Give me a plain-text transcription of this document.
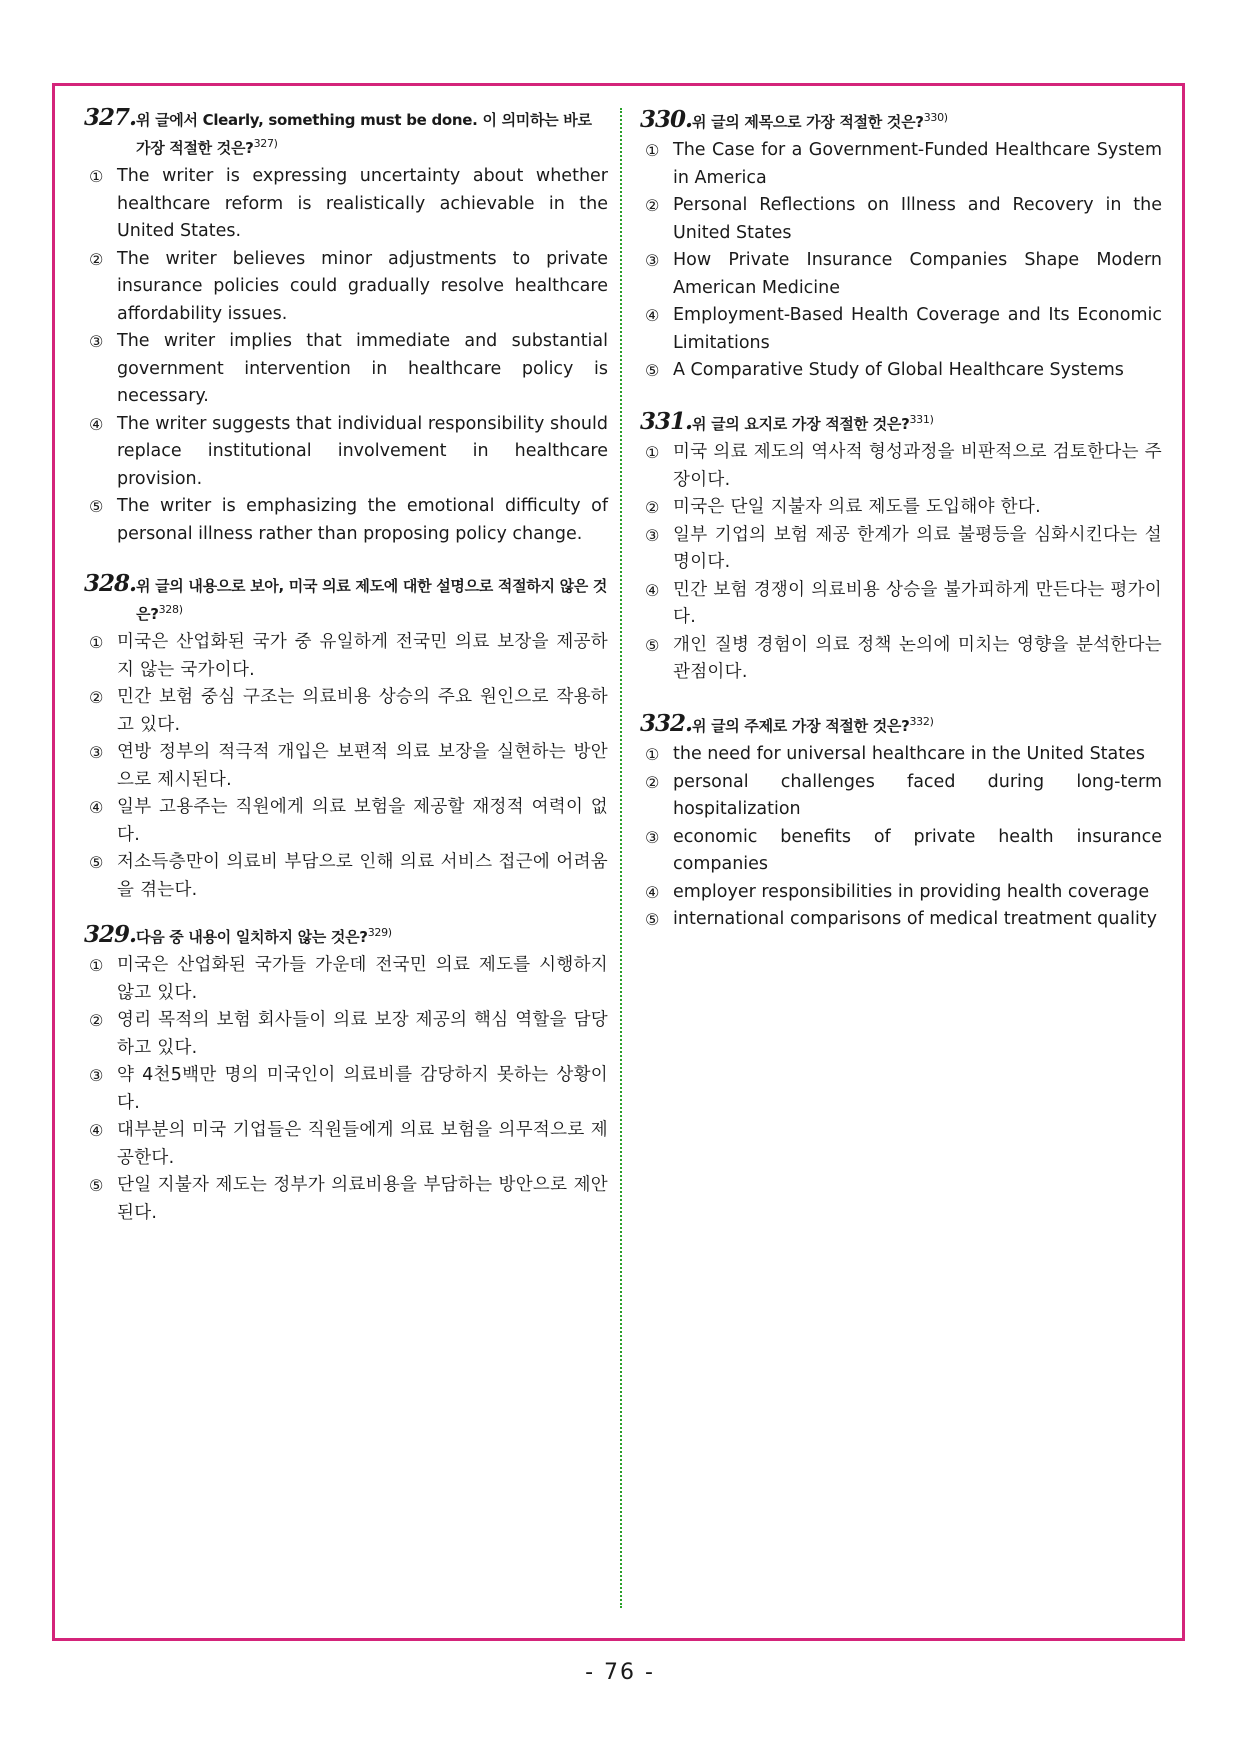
327.위 글에서 Clearly, something must be done. 이 의미하는 바로 가장 적절한 것은?$^{327)}$
① The writer is expressing uncertainty about whether healthcare reform is realistically achievable in the United States.
② The writer believes minor adjustments to private insurance policies could gradually resolve healthcare affordability issues.
③ The writer implies that immediate and substantial government intervention in healthcare policy is necessary.
④ The writer suggests that individual responsibility should replace institutional involvement in healthcare provision.
⑤ The writer is emphasizing the emotional difficulty of personal illness rather than proposing policy change.
328.위 글의 내용으로 보아, 미국 의료 제도에 대한 설명으로 적절하지 않은 것은?$^{328)}$
① 미국은 산업화된 국가 중 유일하게 전국민 의료 보장을 제공하지 않는 국가이다.
② 민간 보험 중심 구조는 의료비용 상승의 주요 원인으로 작용하고 있다.
③ 연방 정부의 적극적 개입은 보편적 의료 보장을 실현하는 방안으로 제시된다.
④ 일부 고용주는 직원에게 의료 보험을 제공할 재정적 여력이 없다.
⑤ 저소득층만이 의료비 부담으로 인해 의료 서비스 접근에 어려움을 겪는다.
329.다음 중 내용이 일치하지 않는 것은?$^{329)}$
① 미국은 산업화된 국가들 가운데 전국민 의료 제도를 시행하지 않고 있다.
② 영리 목적의 보험 회사들이 의료 보장 제공의 핵심 역할을 담당하고 있다.
③ 약 4천5백만 명의 미국인이 의료비를 감당하지 못하는 상황이다.
④ 대부분의 미국 기업들은 직원들에게 의료 보험을 의무적으로 제공한다.
⑤ 단일 지불자 제도는 정부가 의료비용을 부담하는 방안으로 제안된다.
330.위 글의 제목으로 가장 적절한 것은?$^{330)}$
① The Case for a Government-Funded Healthcare System in America
② Personal Reflections on Illness and Recovery in the United States
③ How Private Insurance Companies Shape Modern American Medicine
④ Employment-Based Health Coverage and Its Economic Limitations
⑤ A Comparative Study of Global Healthcare Systems
331.위 글의 요지로 가장 적절한 것은?$^{331)}$
① 미국 의료 제도의 역사적 형성과정을 비판적으로 검토한다는 주장이다.
② 미국은 단일 지불자 의료 제도를 도입해야 한다.
③ 일부 기업의 보험 제공 한계가 의료 불평등을 심화시킨다는 설명이다.
④ 민간 보험 경쟁이 의료비용 상승을 불가피하게 만든다는 평가이다.
⑤ 개인 질병 경험이 의료 정책 논의에 미치는 영향을 분석한다는 관점이다.
332.위 글의 주제로 가장 적절한 것은?$^{332)}$
① the need for universal healthcare in the United States
② personal challenges faced during long-term hospitalization
③ economic benefits of private health insurance companies
④ employer responsibilities in providing health coverage
⑤ international comparisons of medical treatment quality
- 76 -
